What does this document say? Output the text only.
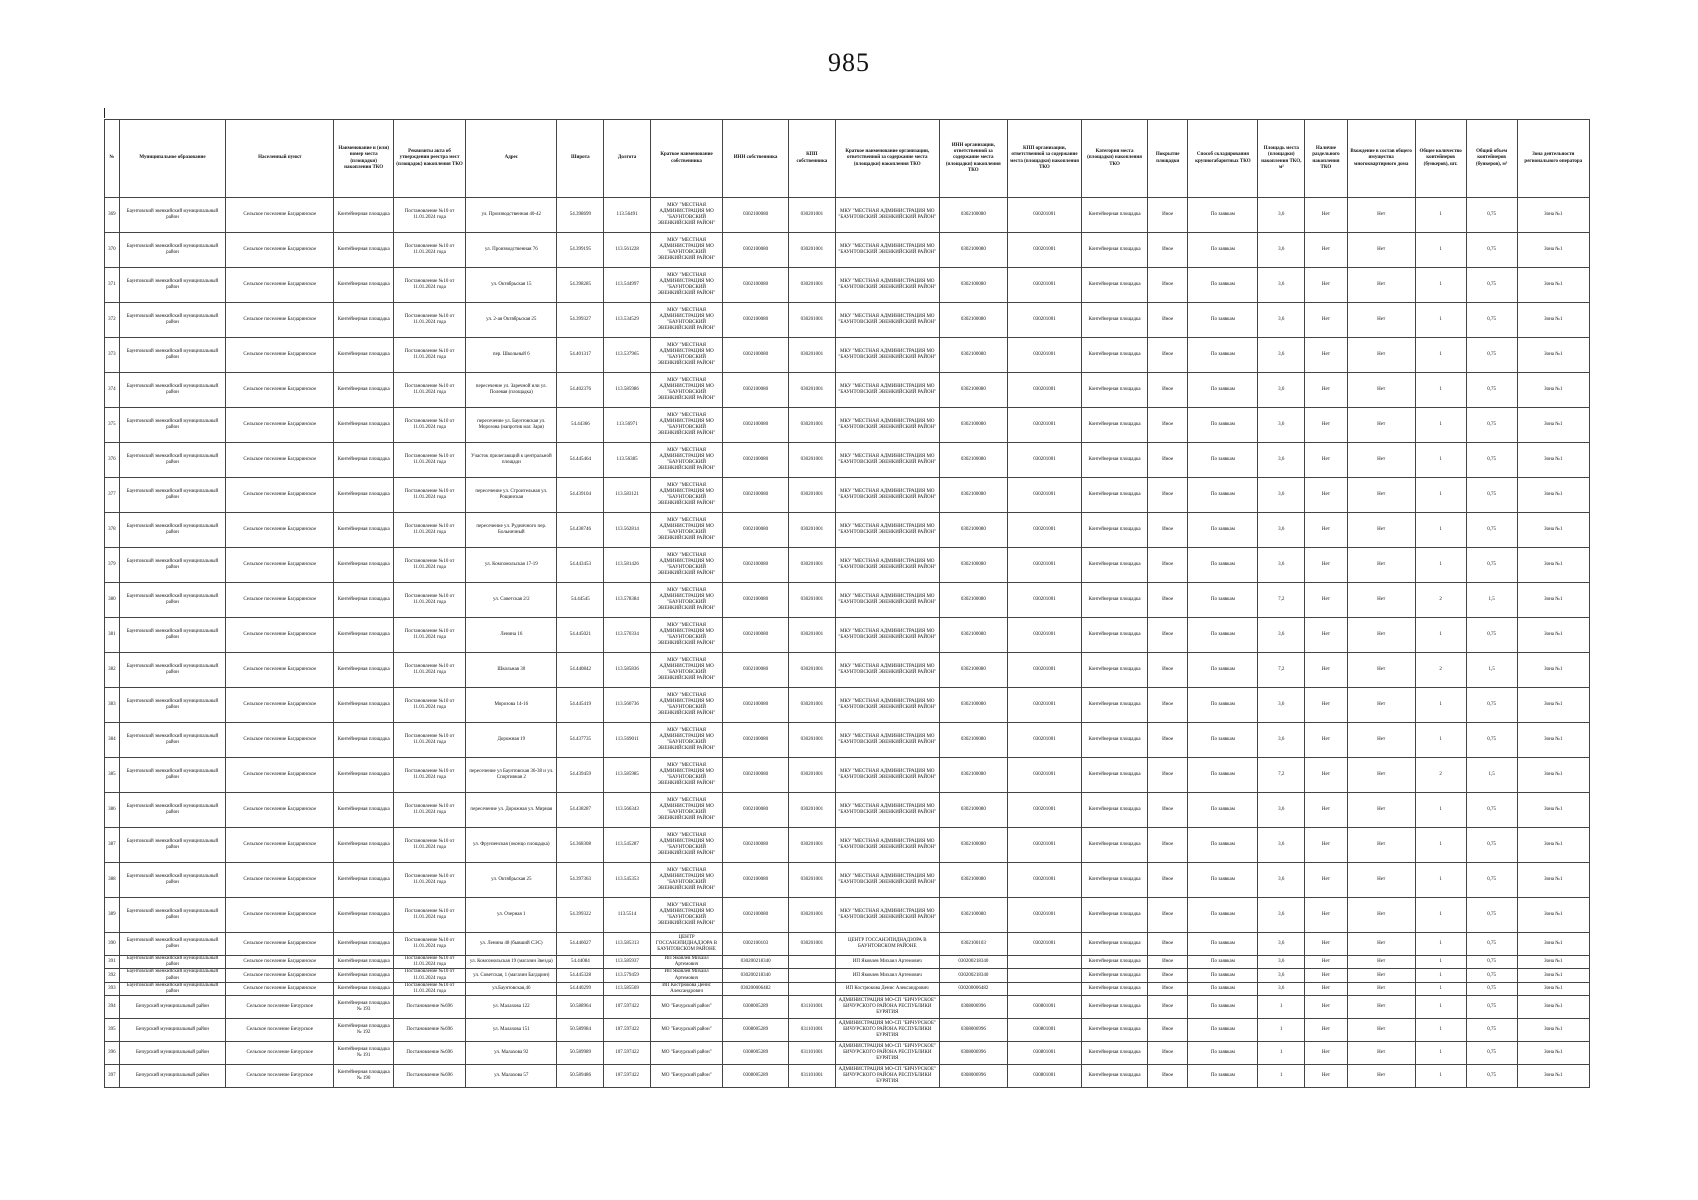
985
№	Муниципальное образование	Населенный пункт	Наименование и (или) номер места (площадки) накопления ТКО	Реквизиты акта об утверждении реестра мест (площадок) накопления ТКО	Адрес	Широта	Долгота	Краткое наименование собственника	ИНН собственника	КПП собственника	Краткое наименование организации, ответственной за содержание места (площадки) накопления ТКО	ИНН организации, ответственной за содержание места (площадки) накопления ТКО	КПП организации, ответственной за содержание места (площадки) накопления ТКО	Категория места (площадки) накопления ТКО	Покрытие площадки	Способ складирования крупногабаритных ТКО	Площадь места (площадки) накопления ТКО, м²	Наличие раздельного накопления ТКО	Вхождение в состав общего имущества многоквартирного дома	Общее количество контейнеров (бункеров), шт.	Общий объем контейнеров (бункеров), м³	Зона деятельности регионального оператора
369	Баунтовский эвенкийский муниципальный район	Сельское поселение Багдаринское	Контейнерная площадка	Постановление №10 от 11.01.2024 года	ул. Производственная 40-42	54.398699	113.56491	МКУ "МЕСТНАЯ АДМИНИСТРАЦИЯ МО "БАУНТОВСКИЙ ЭВЕНКИЙСКИЙ РАЙОН"	0302100080	030201001	МКУ "МЕСТНАЯ АДМИНИСТРАЦИЯ МО "БАУНТОВСКИЙ ЭВЕНКИЙСКИЙ РАЙОН"	0302100080	030201001	Контейнерная площадка	Иное	По заявкам	3,6	Нет	Нет	1	0,75	Зона №1
370	Баунтовский эвенкийский муниципальный район	Сельское поселение Багдаринское	Контейнерная площадка	Постановление №10 от 11.01.2024 года	ул. Производственная 76	54.399195	113.561228	МКУ "МЕСТНАЯ АДМИНИСТРАЦИЯ МО "БАУНТОВСКИЙ ЭВЕНКИЙСКИЙ РАЙОН"	0302100080	030201001	МКУ "МЕСТНАЯ АДМИНИСТРАЦИЯ МО "БАУНТОВСКИЙ ЭВЕНКИЙСКИЙ РАЙОН"	0302100080	030201001	Контейнерная площадка	Иное	По заявкам	3,6	Нет	Нет	1	0,75	Зона №1
371	Баунтовский эвенкийский муниципальный район	Сельское поселение Багдаринское	Контейнерная площадка	Постановление №10 от 11.01.2024 года	ул. Октябрьская 15	54.398285	113.544997	МКУ "МЕСТНАЯ АДМИНИСТРАЦИЯ МО "БАУНТОВСКИЙ ЭВЕНКИЙСКИЙ РАЙОН"	0302100080	030201001	МКУ "МЕСТНАЯ АДМИНИСТРАЦИЯ МО "БАУНТОВСКИЙ ЭВЕНКИЙСКИЙ РАЙОН"	0302100080	030201001	Контейнерная площадка	Иное	По заявкам	3,6	Нет	Нет	1	0,75	Зона №1
372	Баунтовский эвенкийский муниципальный район	Сельское поселение Багдаринское	Контейнерная площадка	Постановление №10 от 11.01.2024 года	ул. 2-ая Октябрьская 25	54.399327	113.534529	МКУ "МЕСТНАЯ АДМИНИСТРАЦИЯ МО "БАУНТОВСКИЙ ЭВЕНКИЙСКИЙ РАЙОН"	0302100080	030201001	МКУ "МЕСТНАЯ АДМИНИСТРАЦИЯ МО "БАУНТОВСКИЙ ЭВЕНКИЙСКИЙ РАЙОН"	0302100080	030201001	Контейнерная площадка	Иное	По заявкам	3,6	Нет	Нет	1	0,75	Зона №1
373	Баунтовский эвенкийский муниципальный район	Сельское поселение Багдаринское	Контейнерная площадка	Постановление №10 от 11.01.2024 года	пер. Школьный 6	54.401317	113.537965	МКУ "МЕСТНАЯ АДМИНИСТРАЦИЯ МО "БАУНТОВСКИЙ ЭВЕНКИЙСКИЙ РАЙОН"	0302100080	030201001	МКУ "МЕСТНАЯ АДМИНИСТРАЦИЯ МО "БАУНТОВСКИЙ ЭВЕНКИЙСКИЙ РАЙОН"	0302100080	030201001	Контейнерная площадка	Иное	По заявкам	3,6	Нет	Нет	1	0,75	Зона №1
374	Баунтовский эвенкийский муниципальный район	Сельское поселение Багдаринское	Контейнерная площадка	Постановление №10 от 11.01.2024 года	пересечение ул. Заречной или ул. Полевая (площадка)	54.402376	113.585986	МКУ "МЕСТНАЯ АДМИНИСТРАЦИЯ МО "БАУНТОВСКИЙ ЭВЕНКИЙСКИЙ РАЙОН"	0302100080	030201001	МКУ "МЕСТНАЯ АДМИНИСТРАЦИЯ МО "БАУНТОВСКИЙ ЭВЕНКИЙСКИЙ РАЙОН"	0302100080	030201001	Контейнерная площадка	Иное	По заявкам	3,6	Нет	Нет	1	0,75	Зона №1
375	Баунтовский эвенкийский муниципальный район	Сельское поселение Багдаринское	Контейнерная площадка	Постановление №10 от 11.01.2024 года	пересечение ул. Баунтовская ул. Морозова (напротив маг. Заря)	54.44366	113.56971	МКУ "МЕСТНАЯ АДМИНИСТРАЦИЯ МО "БАУНТОВСКИЙ ЭВЕНКИЙСКИЙ РАЙОН"	0302100080	030201001	МКУ "МЕСТНАЯ АДМИНИСТРАЦИЯ МО "БАУНТОВСКИЙ ЭВЕНКИЙСКИЙ РАЙОН"	0302100080	030201001	Контейнерная площадка	Иное	По заявкам	3,6	Нет	Нет	1	0,75	Зона №1
376	Баунтовский эвенкийский муниципальный район	Сельское поселение Багдаринское	Контейнерная площадка	Постановление №10 от 11.01.2024 года	Участок прилегающий к центральной площади	54.445464	113.56385	МКУ "МЕСТНАЯ АДМИНИСТРАЦИЯ МО "БАУНТОВСКИЙ ЭВЕНКИЙСКИЙ РАЙОН"	0302100080	030201001	МКУ "МЕСТНАЯ АДМИНИСТРАЦИЯ МО "БАУНТОВСКИЙ ЭВЕНКИЙСКИЙ РАЙОН"	0302100080	030201001	Контейнерная площадка	Иное	По заявкам	3,6	Нет	Нет	1	0,75	Зона №1
377	Баунтовский эвенкийский муниципальный район	Сельское поселение Багдаринское	Контейнерная площадка	Постановление №10 от 11.01.2024 года	пересечение ул. Строительная ул. Рощинская	54.439104	113.583121	МКУ "МЕСТНАЯ АДМИНИСТРАЦИЯ МО "БАУНТОВСКИЙ ЭВЕНКИЙСКИЙ РАЙОН"	0302100080	030201001	МКУ "МЕСТНАЯ АДМИНИСТРАЦИЯ МО "БАУНТОВСКИЙ ЭВЕНКИЙСКИЙ РАЙОН"	0302100080	030201001	Контейнерная площадка	Иное	По заявкам	3,6	Нет	Нет	1	0,75	Зона №1
378	Баунтовский эвенкийский муниципальный район	Сельское поселение Багдаринское	Контейнерная площадка	Постановление №10 от 11.01.2024 года	пересечение ул. Рудничного пер. Больничный	54.438746	113.562814	МКУ "МЕСТНАЯ АДМИНИСТРАЦИЯ МО "БАУНТОВСКИЙ ЭВЕНКИЙСКИЙ РАЙОН"	0302100080	030201001	МКУ "МЕСТНАЯ АДМИНИСТРАЦИЯ МО "БАУНТОВСКИЙ ЭВЕНКИЙСКИЙ РАЙОН"	0302100080	030201001	Контейнерная площадка	Иное	По заявкам	3,6	Нет	Нет	1	0,75	Зона №1
379	Баунтовский эвенкийский муниципальный район	Сельское поселение Багдаринское	Контейнерная площадка	Постановление №10 от 11.01.2024 года	ул. Комсомольская 17-19	54.443453	113.581426	МКУ "МЕСТНАЯ АДМИНИСТРАЦИЯ МО "БАУНТОВСКИЙ ЭВЕНКИЙСКИЙ РАЙОН"	0302100080	030201001	МКУ "МЕСТНАЯ АДМИНИСТРАЦИЯ МО "БАУНТОВСКИЙ ЭВЕНКИЙСКИЙ РАЙОН"	0302100080	030201001	Контейнерная площадка	Иное	По заявкам	3,6	Нет	Нет	1	0,75	Зона №1
380	Баунтовский эвенкийский муниципальный район	Сельское поселение Багдаринское	Контейнерная площадка	Постановление №10 от 11.01.2024 года	ул. Советская 2/2	54.44545	113.578384	МКУ "МЕСТНАЯ АДМИНИСТРАЦИЯ МО "БАУНТОВСКИЙ ЭВЕНКИЙСКИЙ РАЙОН"	0302100080	030201001	МКУ "МЕСТНАЯ АДМИНИСТРАЦИЯ МО "БАУНТОВСКИЙ ЭВЕНКИЙСКИЙ РАЙОН"	0302100080	030201001	Контейнерная площадка	Иное	По заявкам	7,2	Нет	Нет	2	1,5	Зона №1
381	Баунтовский эвенкийский муниципальный район	Сельское поселение Багдаринское	Контейнерная площадка	Постановление №10 от 11.01.2024 года	Ленина 16	54.445021	113.570334	МКУ "МЕСТНАЯ АДМИНИСТРАЦИЯ МО "БАУНТОВСКИЙ ЭВЕНКИЙСКИЙ РАЙОН"	0302100080	030201001	МКУ "МЕСТНАЯ АДМИНИСТРАЦИЯ МО "БАУНТОВСКИЙ ЭВЕНКИЙСКИЙ РАЙОН"	0302100080	030201001	Контейнерная площадка	Иное	По заявкам	3,6	Нет	Нет	1	0,75	Зона №1
382	Баунтовский эвенкийский муниципальный район	Сельское поселение Багдаринское	Контейнерная площадка	Постановление №10 от 11.01.2024 года	Школьная 30	54.440842	113.585836	МКУ "МЕСТНАЯ АДМИНИСТРАЦИЯ МО "БАУНТОВСКИЙ ЭВЕНКИЙСКИЙ РАЙОН"	0302100080	030201001	МКУ "МЕСТНАЯ АДМИНИСТРАЦИЯ МО "БАУНТОВСКИЙ ЭВЕНКИЙСКИЙ РАЙОН"	0302100080	030201001	Контейнерная площадка	Иное	По заявкам	7,2	Нет	Нет	2	1,5	Зона №1
383	Баунтовский эвенкийский муниципальный район	Сельское поселение Багдаринское	Контейнерная площадка	Постановление №10 от 11.01.2024 года	Морозова 14-16	54.445419	113.560736	МКУ "МЕСТНАЯ АДМИНИСТРАЦИЯ МО "БАУНТОВСКИЙ ЭВЕНКИЙСКИЙ РАЙОН"	0302100080	030201001	МКУ "МЕСТНАЯ АДМИНИСТРАЦИЯ МО "БАУНТОВСКИЙ ЭВЕНКИЙСКИЙ РАЙОН"	0302100080	030201001	Контейнерная площадка	Иное	По заявкам	3,6	Нет	Нет	1	0,75	Зона №1
384	Баунтовский эвенкийский муниципальный район	Сельское поселение Багдаринское	Контейнерная площадка	Постановление №10 от 11.01.2024 года	Дорожная 19	54.437735	113.569011	МКУ "МЕСТНАЯ АДМИНИСТРАЦИЯ МО "БАУНТОВСКИЙ ЭВЕНКИЙСКИЙ РАЙОН"	0302100080	030201001	МКУ "МЕСТНАЯ АДМИНИСТРАЦИЯ МО "БАУНТОВСКИЙ ЭВЕНКИЙСКИЙ РАЙОН"	0302100080	030201001	Контейнерная площадка	Иное	По заявкам	3,6	Нет	Нет	1	0,75	Зона №1
385	Баунтовский эвенкийский муниципальный район	Сельское поселение Багдаринское	Контейнерная площадка	Постановление №10 от 11.01.2024 года	пересечение ул Баунтовская 36-38 и ул. Спортивная 2	54.439459	113.585985	МКУ "МЕСТНАЯ АДМИНИСТРАЦИЯ МО "БАУНТОВСКИЙ ЭВЕНКИЙСКИЙ РАЙОН"	0302100080	030201001	МКУ "МЕСТНАЯ АДМИНИСТРАЦИЯ МО "БАУНТОВСКИЙ ЭВЕНКИЙСКИЙ РАЙОН"	0302100080	030201001	Контейнерная площадка	Иное	По заявкам	7,2	Нет	Нет	2	1,5	Зона №1
386	Баунтовский эвенкийский муниципальный район	Сельское поселение Багдаринское	Контейнерная площадка	Постановление №10 от 11.01.2024 года	пересечение ул. Дорожная ул. Мирная	54.438287	113.566343	МКУ "МЕСТНАЯ АДМИНИСТРАЦИЯ МО "БАУНТОВСКИЙ ЭВЕНКИЙСКИЙ РАЙОН"	0302100080	030201001	МКУ "МЕСТНАЯ АДМИНИСТРАЦИЯ МО "БАУНТОВСКИЙ ЭВЕНКИЙСКИЙ РАЙОН"	0302100080	030201001	Контейнерная площадка	Иное	По заявкам	3,6	Нет	Нет	1	0,75	Зона №1
387	Баунтовский эвенкийский муниципальный район	Сельское поселение Багдаринское	Контейнерная площадка	Постановление №10 от 11.01.2024 года	ул. Фрунзенская (оконцо площадка)	54.368308	113.545287	МКУ "МЕСТНАЯ АДМИНИСТРАЦИЯ МО "БАУНТОВСКИЙ ЭВЕНКИЙСКИЙ РАЙОН"	0302100080	030201001	МКУ "МЕСТНАЯ АДМИНИСТРАЦИЯ МО "БАУНТОВСКИЙ ЭВЕНКИЙСКИЙ РАЙОН"	0302100080	030201001	Контейнерная площадка	Иное	По заявкам	3,6	Нет	Нет	1	0,75	Зона №1
388	Баунтовский эвенкийский муниципальный район	Сельское поселение Багдаринское	Контейнерная площадка	Постановление №10 от 11.01.2024 года	ул. Октябрьская 25	54.397363	113.545353	МКУ "МЕСТНАЯ АДМИНИСТРАЦИЯ МО "БАУНТОВСКИЙ ЭВЕНКИЙСКИЙ РАЙОН"	0302100080	030201001	МКУ "МЕСТНАЯ АДМИНИСТРАЦИЯ МО "БАУНТОВСКИЙ ЭВЕНКИЙСКИЙ РАЙОН"	0302100080	030201001	Контейнерная площадка	Иное	По заявкам	3,6	Нет	Нет	1	0,75	Зона №1
389	Баунтовский эвенкийский муниципальный район	Сельское поселение Багдаринское	Контейнерная площадка	Постановление №10 от 11.01.2024 года	ул. Озерная 1	54.399322	113.5514	МКУ "МЕСТНАЯ АДМИНИСТРАЦИЯ МО "БАУНТОВСКИЙ ЭВЕНКИЙСКИЙ РАЙОН"	0302100080	030201001	МКУ "МЕСТНАЯ АДМИНИСТРАЦИЯ МО "БАУНТОВСКИЙ ЭВЕНКИЙСКИЙ РАЙОН"	0302100080	030201001	Контейнерная площадка	Иное	По заявкам	3,6	Нет	Нет	1	0,75	Зона №1
390	Баунтовский эвенкийский муниципальный район	Сельское поселение Багдаринское	Контейнерная площадка	Постановление №10 от 11.01.2024 года	ул. Ленина 48 (бывший СЭС)	54.446027	113.585313	ЦЕНТР ГОССАНЭПИДНАДЗОРА В БАУНТОВСКОМ РАЙОНЕ	0302100103	030201001	ЦЕНТР ГОССАНЭПИДНАДЗОРА В БАУНТОВСКОМ РАЙОНЕ	0302100103	030201001	Контейнерная площадка	Иное	По заявкам	3,6	Нет	Нет	1	0,75	Зона №1
391	Баунтовский эвенкийский муниципальный район	Сельское поселение Багдаринское	Контейнерная площадка	Постановление №10 от 11.01.2024 года	ул. Комсомольская 19 (магазин Звезда)	54.44084	113.585937	ИП Яковлев Михаил Артемович	030200218340		ИП Яковлев Михаил Артемович	030200218340		Контейнерная площадка	Иное	По заявкам	3,6	Нет	Нет	1	0,75	Зона №1
392	Баунтовский эвенкийский муниципальный район	Сельское поселение Багдаринское	Контейнерная площадка	Постановление №10 от 11.01.2024 года	ул. Советская, 1 (магазин Багдарин)	54.445328	113.579459	ИП Яковлев Михаил Артемович	030200218340		ИП Яковлев Михаил Артемович	030200218340		Контейнерная площадка	Иное	По заявкам	3,6	Нет	Нет	1	0,75	Зона №1
393	Баунтовский эвенкийский муниципальный район	Сельское поселение Багдаринское	Контейнерная площадка	Постановление №10 от 11.01.2024 года	ул.Баунтовская,46	54.440299	113.585569	ИП Кострюкова Денис Александрович	030200006482		ИП Кострюкова Денис Александрович	030200006482		Контейнерная площадка	Иное	По заявкам	3,6	Нет	Нет	1	0,75	Зона №1
394	Бичурский муниципальный район	Сельское поселение Бичурское	Контейнерная площадка № 193	Постановление №696	ул. Малахова 122	50.588964	107.597422	МО "Бичурский район"	0308005289	031101001	АДМИНИСТРАЦИЯ МО-СП "БИЧУРСКОЕ" БИЧУРСКОГО РАЙОНА РЕСПУБЛИКИ БУРЯТИЯ	0308006996	030801001	Контейнерная площадка	Иное	По заявкам	1	Нет	Нет	1	0,75	Зона №1
395	Бичурский муниципальный район	Сельское поселение Бичурское	Контейнерная площадка № 192	Постановление №696	ул. Малахова 151	50.589984	107.597422	МО "Бичурский район"	0308005289	031101001	АДМИНИСТРАЦИЯ МО-СП "БИЧУРСКОЕ" БИЧУРСКОГО РАЙОНА РЕСПУБЛИКИ БУРЯТИЯ	0308006996	030801001	Контейнерная площадка	Иное	По заявкам	1	Нет	Нет	1	0,75	Зона №1
396	Бичурский муниципальный район	Сельское поселение Бичурское	Контейнерная площадка № 191	Постановление №696	ул. Малахова 92	50.589989	107.597422	МО "Бичурский район"	0308005289	031101001	АДМИНИСТРАЦИЯ МО-СП "БИЧУРСКОЕ" БИЧУРСКОГО РАЙОНА РЕСПУБЛИКИ БУРЯТИЯ	0308006996	030801001	Контейнерная площадка	Иное	По заявкам	1	Нет	Нет	1	0,75	Зона №1
397	Бичурский муниципальный район	Сельское поселение Бичурское	Контейнерная площадка № 190	Постановление №696	ул. Малахова 57	50.589486	107.597422	МО "Бичурский район"	0308005289	031101001	АДМИНИСТРАЦИЯ МО-СП "БИЧУРСКОЕ" БИЧУРСКОГО РАЙОНА РЕСПУБЛИКИ БУРЯТИЯ	0308006996	030801001	Контейнерная площадка	Иное	По заявкам	1	Нет	Нет	1	0,75	Зона №1
